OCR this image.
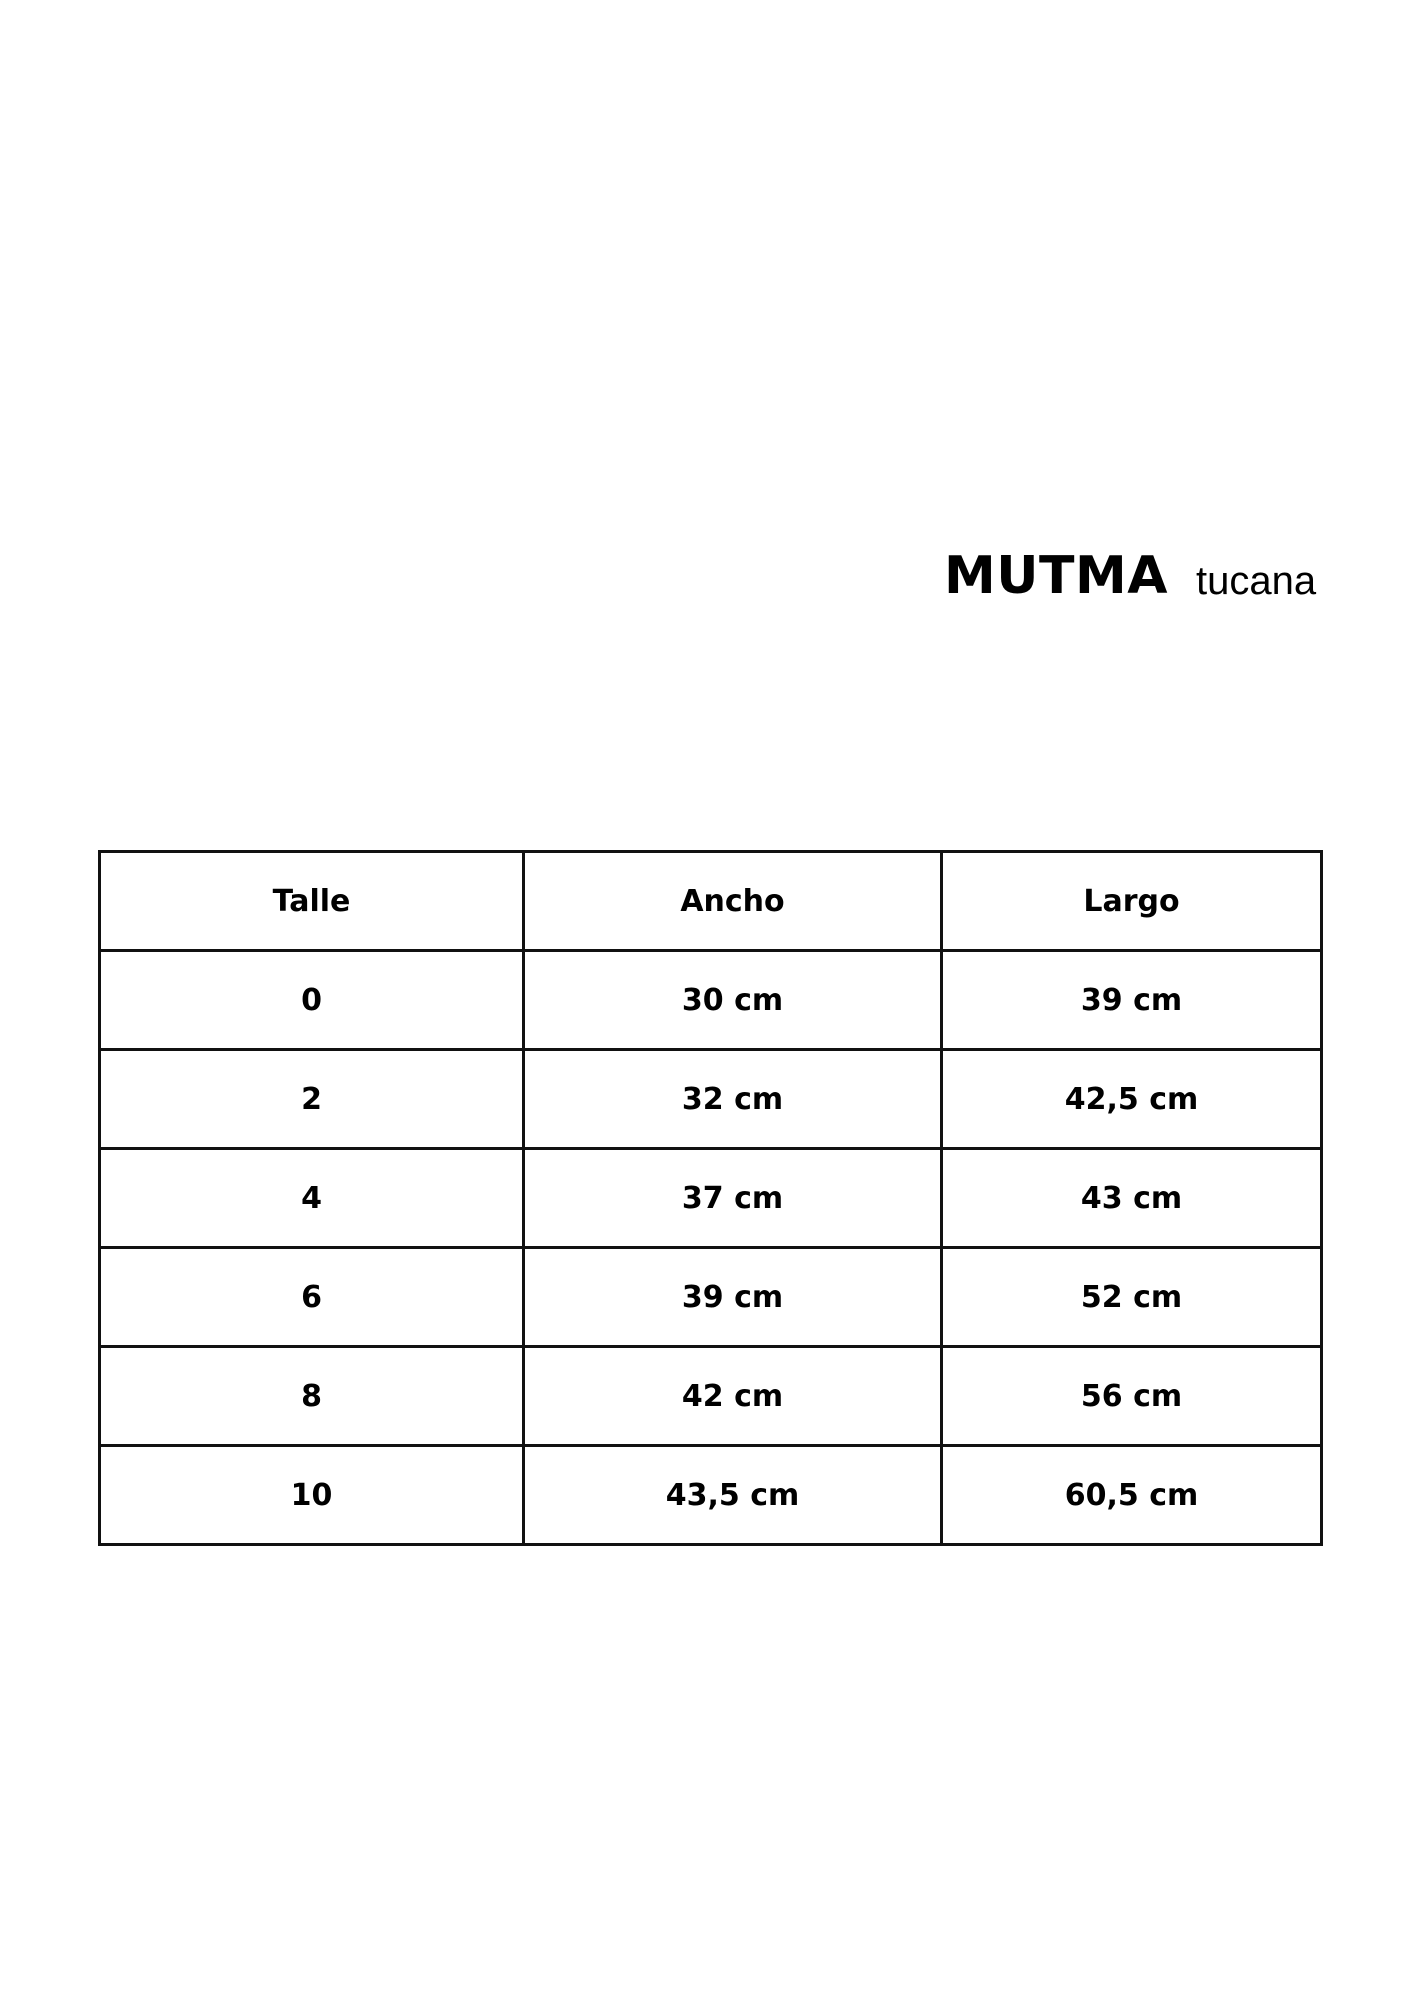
MUTMA tucana
Talle	Ancho	Largo
0	30 cm	39 cm
2	32 cm	42,5 cm
4	37 cm	43 cm
6	39 cm	52 cm
8	42 cm	56 cm
10	43,5 cm	60,5 cm
